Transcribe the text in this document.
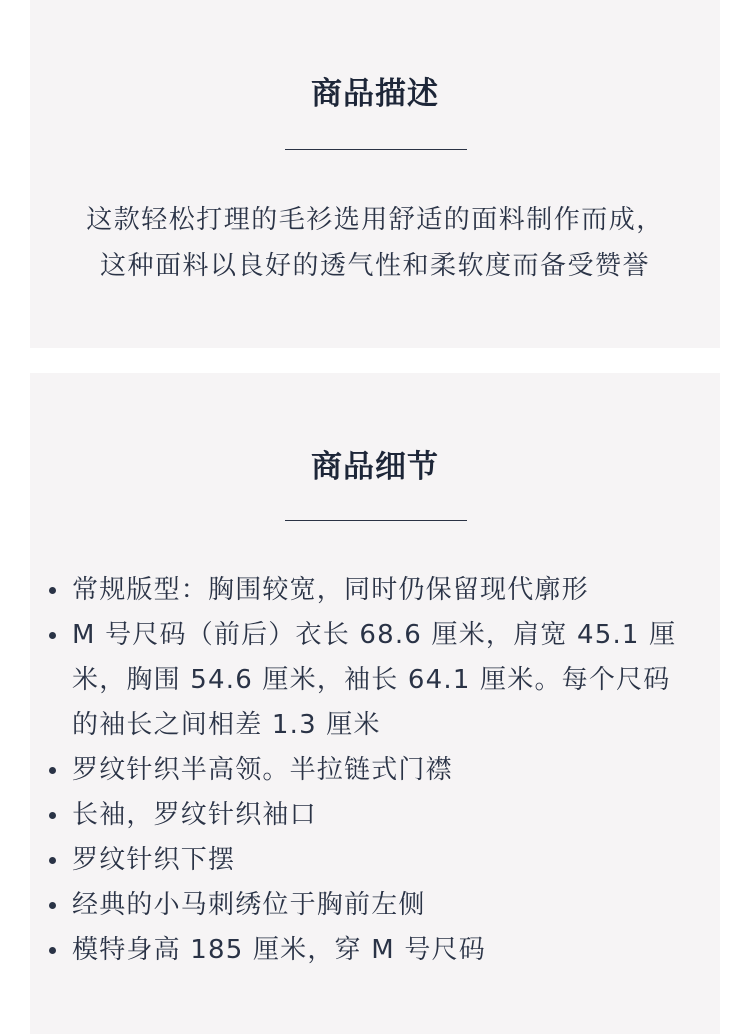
商品描述
这款轻松打理的毛衫选用舒适的面料制作而成，
这种面料以良好的透气性和柔软度而备受赞誉
商品细节
常规版型：胸围较宽，同时仍保留现代廓形
M 号尺码（前后）衣长 68.6 厘米，肩宽 45.1 厘米，胸围 54.6 厘米，袖长 64.1 厘米。每个尺码的袖长之间相差 1.3 厘米
罗纹针织半高领。半拉链式门襟
长袖，罗纹针织袖口
罗纹针织下摆
经典的小马刺绣位于胸前左侧
模特身高 185 厘米，穿 M 号尺码
